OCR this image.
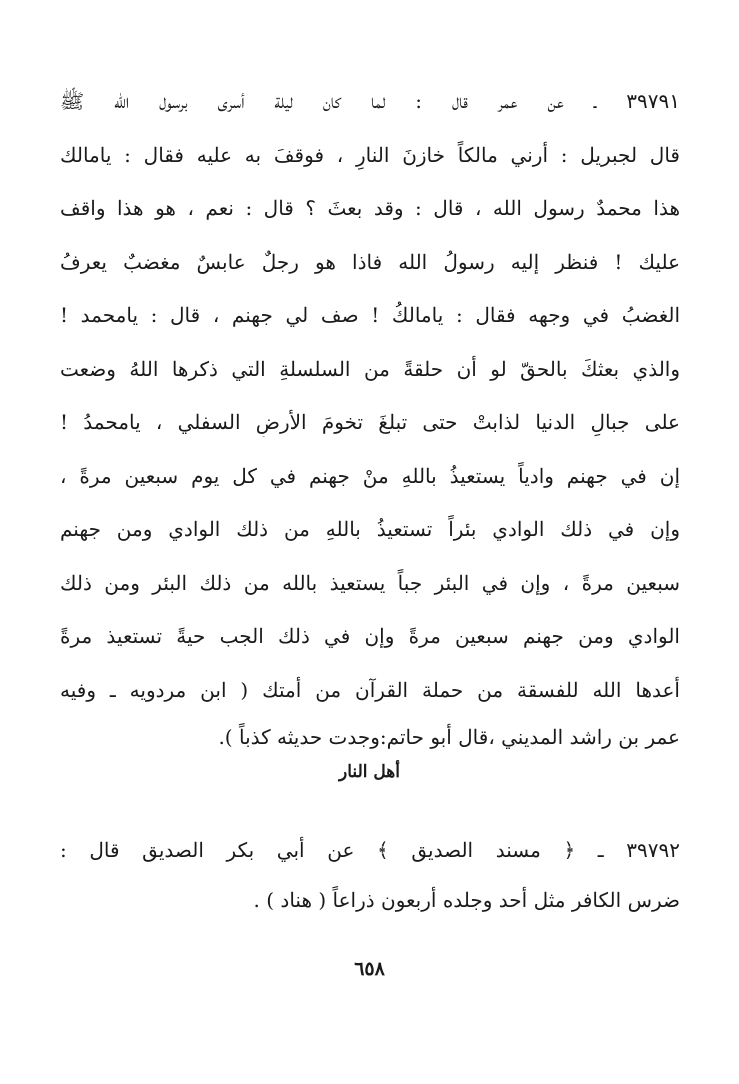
٣٩٧٩١ ـ عن عمر قال : لما كان ليلة أسرى برسول الله ﷺ
قال لجبريل : أرني مالكاً خازنَ النارِ ، فوقفَ به عليه فقال : يامالك
هذا محمدٌ رسول الله ، قال : وقد بعثَ ؟ قال : نعم ، هو هذا واقف
عليك ! فنظر إليه رسولُ الله فاذا هو رجلٌ عابسٌ مغضبٌ يعرفُ
الغضبُ في وجهه فقال : يامالكُ ! صف لي جهنم ، قال : يامحمد !
والذي بعثكَ بالحقّ لو أن حلقةً من السلسلةِ التي ذكرها اللهُ وضعت
على جبالِ الدنيا لذابتْ حتى تبلغَ تخومَ الأرضِ السفلي ، يامحمدُ !
إن في جهنم وادياً يستعيذُ باللهِ منْ جهنم في كل يوم سبعين مرةً ،
وإن في ذلك الوادي بئراً تستعيذُ باللهِ من ذلك الوادي ومن جهنم
سبعين مرةً ، وإن في البئر جباً يستعيذ بالله من ذلك البئر ومن ذلك
الوادي ومن جهنم سبعين مرةً وإن في ذلك الجب حيةً تستعيذ مرةً
أعدها الله للفسقة من حملة القرآن من أمتك ( ابن مردويه ـ وفيه
عمر بن راشد المديني ،قال أبو حاتم:وجدت حديثه كذباً ).
أهل النار
٣٩٧٩٢ ـ ﴿ مسند الصديق ﴾ عن أبي بكر الصديق قال :
ضرس الكافر مثل أحد وجلده أربعون ذراعاً ( هناد ) .
٦٥٨
